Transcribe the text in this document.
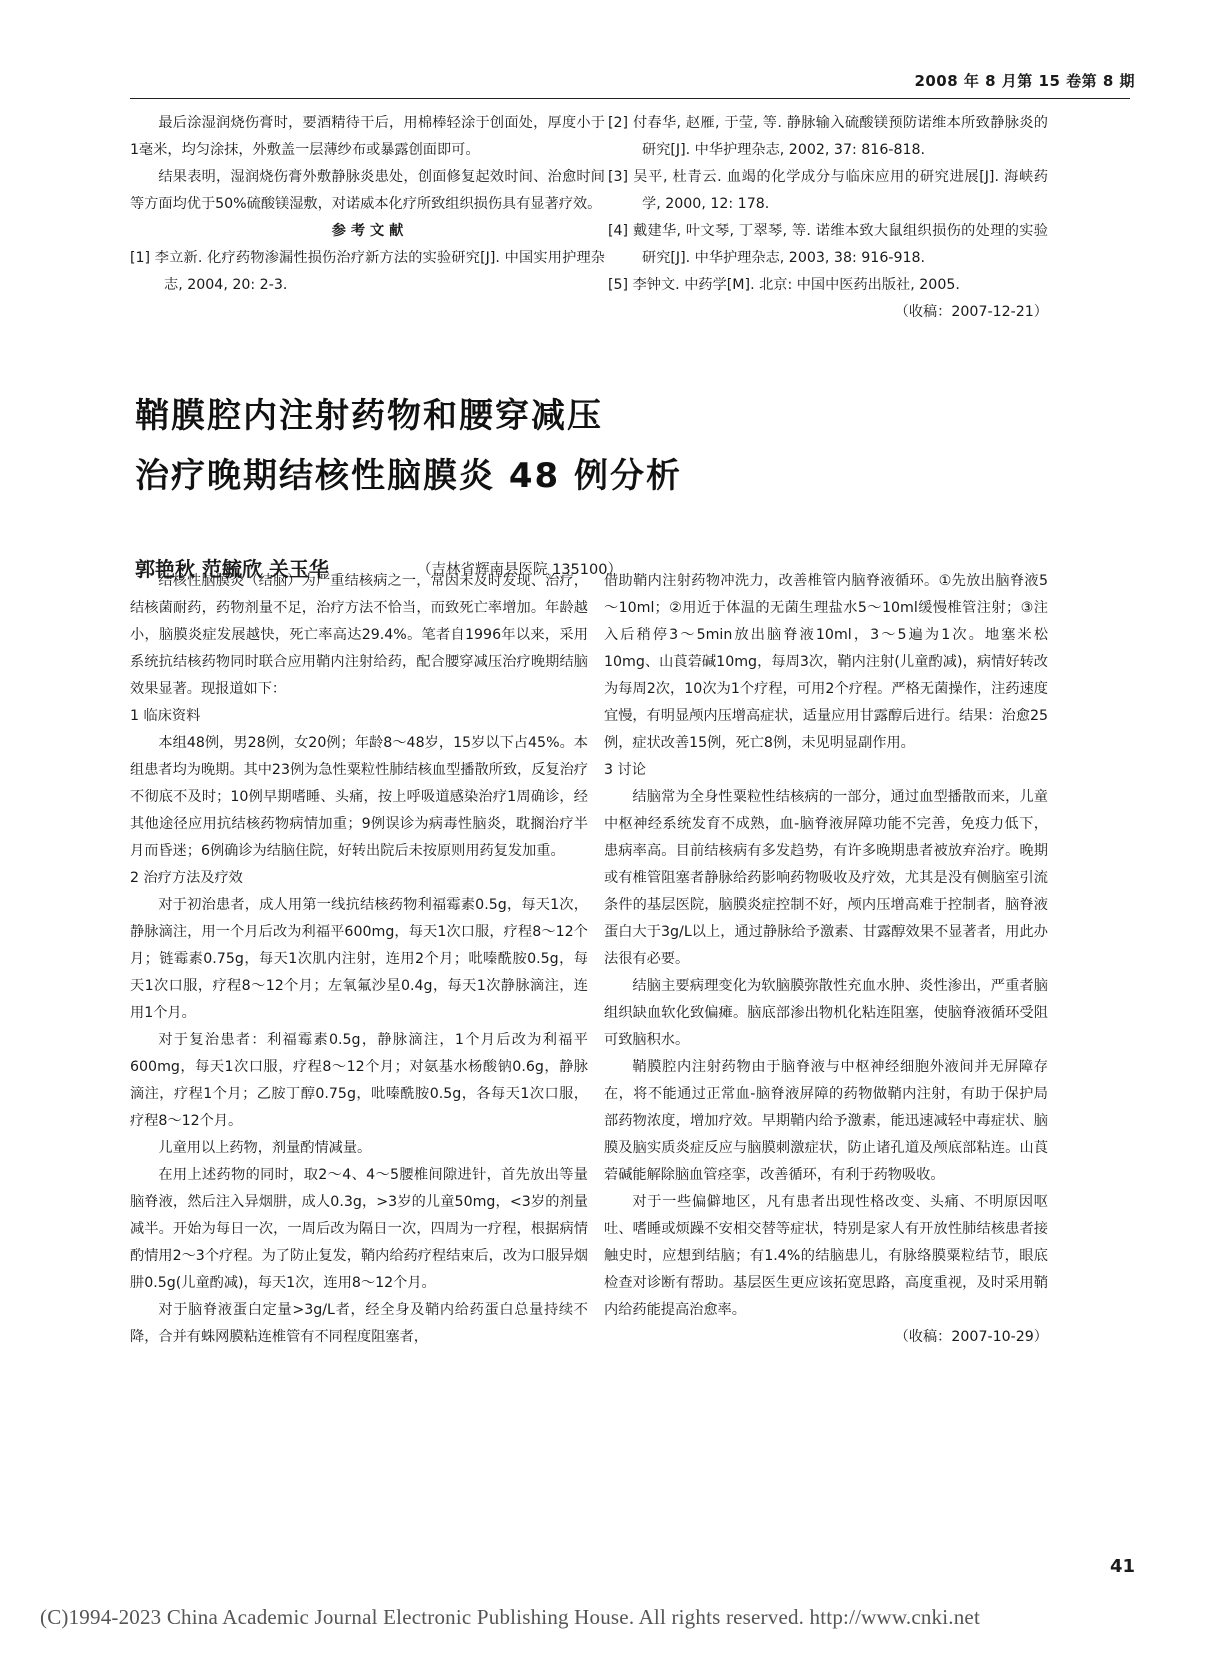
2008 年 8 月第 15 卷第 8 期

最后涂湿润烧伤膏时，要酒精待干后，用棉棒轻涂于创面处，厚度小于1毫米，均匀涂抹，外敷盖一层薄纱布或暴露创面即可。

结果表明，湿润烧伤膏外敷静脉炎患处，创面修复起效时间、治愈时间等方面均优于50%硫酸镁湿敷，对诺威本化疗所致组织损伤具有显著疗效。

参 考 文 献

[1] 李立新. 化疗药物渗漏性损伤治疗新方法的实验研究[J]. 中国实用护理杂志, 2004, 20: 2-3.

[2] 付春华, 赵雁, 于莹, 等. 静脉输入硫酸镁预防诺维本所致静脉炎的研究[J]. 中华护理杂志, 2002, 37: 816-818.

[3] 吴平, 杜青云. 血竭的化学成分与临床应用的研究进展[J]. 海峡药学, 2000, 12: 178.

[4] 戴建华, 叶文琴, 丁翠琴, 等. 诺维本致大鼠组织损伤的处理的实验研究[J]. 中华护理杂志, 2003, 38: 916-918.

[5] 李钟文. 中药学[M]. 北京: 中国中医药出版社, 2005.

（收稿：2007-12-21）

鞘膜腔内注射药物和腰穿减压
治疗晚期结核性脑膜炎 48 例分析
郭艳秋 范毓欣 关玉华	（吉林省辉南县医院 135100）

结核性脑膜炎（结脑）为严重结核病之一，常因未及时发现、治疗，结核菌耐药，药物剂量不足，治疗方法不恰当，而致死亡率增加。年龄越小，脑膜炎症发展越快，死亡率高达29.4%。笔者自1996年以来，采用系统抗结核药物同时联合应用鞘内注射给药，配合腰穿减压治疗晚期结脑效果显著。现报道如下：

1 临床资料

本组48例，男28例，女20例；年龄8～48岁，15岁以下占45%。本组患者均为晚期。其中23例为急性粟粒性肺结核血型播散所致，反复治疗不彻底不及时；10例早期嗜睡、头痛，按上呼吸道感染治疗1周确诊，经其他途径应用抗结核药物病情加重；9例误诊为病毒性脑炎，耽搁治疗半月而昏迷；6例确诊为结脑住院，好转出院后未按原则用药复发加重。

2 治疗方法及疗效

对于初治患者，成人用第一线抗结核药物利福霉素0.5g，每天1次，静脉滴注，用一个月后改为利福平600mg，每天1次口服，疗程8～12个月；链霉素0.75g，每天1次肌内注射，连用2个月；吡嗪酰胺0.5g，每天1次口服，疗程8～12个月；左氧氟沙星0.4g，每天1次静脉滴注，连用1个月。

对于复治患者：利福霉素0.5g，静脉滴注，1个月后改为利福平600mg，每天1次口服，疗程8～12个月；对氨基水杨酸钠0.6g，静脉滴注，疗程1个月；乙胺丁醇0.75g，吡嗪酰胺0.5g，各每天1次口服，疗程8～12个月。

儿童用以上药物，剂量酌情减量。

在用上述药物的同时，取2～4、4～5腰椎间隙进针，首先放出等量脑脊液，然后注入异烟肼，成人0.3g，>3岁的儿童50mg，<3岁的剂量减半。开始为每日一次，一周后改为隔日一次，四周为一疗程，根据病情酌情用2～3个疗程。为了防止复发，鞘内给药疗程结束后，改为口服异烟肼0.5g(儿童酌减)，每天1次，连用8～12个月。

对于脑脊液蛋白定量>3g/L者，经全身及鞘内给药蛋白总量持续不降，合并有蛛网膜粘连椎管有不同程度阻塞者，

借助鞘内注射药物冲洗力，改善椎管内脑脊液循环。①先放出脑脊液5～10ml；②用近于体温的无菌生理盐水5～10ml缓慢椎管注射；③注入后稍停3～5min放出脑脊液10ml，3～5遍为1次。地塞米松10mg、山莨菪碱10mg，每周3次，鞘内注射(儿童酌减)，病情好转改为每周2次，10次为1个疗程，可用2个疗程。严格无菌操作，注药速度宜慢，有明显颅内压增高症状，适量应用甘露醇后进行。结果：治愈25例，症状改善15例，死亡8例，未见明显副作用。

3 讨论

结脑常为全身性粟粒性结核病的一部分，通过血型播散而来，儿童中枢神经系统发育不成熟，血-脑脊液屏障功能不完善，免疫力低下，患病率高。目前结核病有多发趋势，有许多晚期患者被放弃治疗。晚期或有椎管阻塞者静脉给药影响药物吸收及疗效，尤其是没有侧脑室引流条件的基层医院，脑膜炎症控制不好，颅内压增高难于控制者，脑脊液蛋白大于3g/L以上，通过静脉给予激素、甘露醇效果不显著者，用此办法很有必要。

结脑主要病理变化为软脑膜弥散性充血水肿、炎性渗出，严重者脑组织缺血软化致偏瘫。脑底部渗出物机化粘连阻塞，使脑脊液循环受阻可致脑积水。

鞘膜腔内注射药物由于脑脊液与中枢神经细胞外液间并无屏障存在，将不能通过正常血-脑脊液屏障的药物做鞘内注射，有助于保护局部药物浓度，增加疗效。早期鞘内给予激素，能迅速减轻中毒症状、脑膜及脑实质炎症反应与脑膜刺激症状，防止诸孔道及颅底部粘连。山莨菪碱能解除脑血管痉挛，改善循环，有利于药物吸收。

对于一些偏僻地区，凡有患者出现性格改变、头痛、不明原因呕吐、嗜睡或烦躁不安相交替等症状，特别是家人有开放性肺结核患者接触史时，应想到结脑；有1.4%的结脑患儿，有脉络膜粟粒结节，眼底检查对诊断有帮助。基层医生更应该拓宽思路，高度重视，及时采用鞘内给药能提高治愈率。

（收稿：2007-10-29）

41
(C)1994-2023 China Academic Journal Electronic Publishing House. All rights reserved. http://www.cnki.net
